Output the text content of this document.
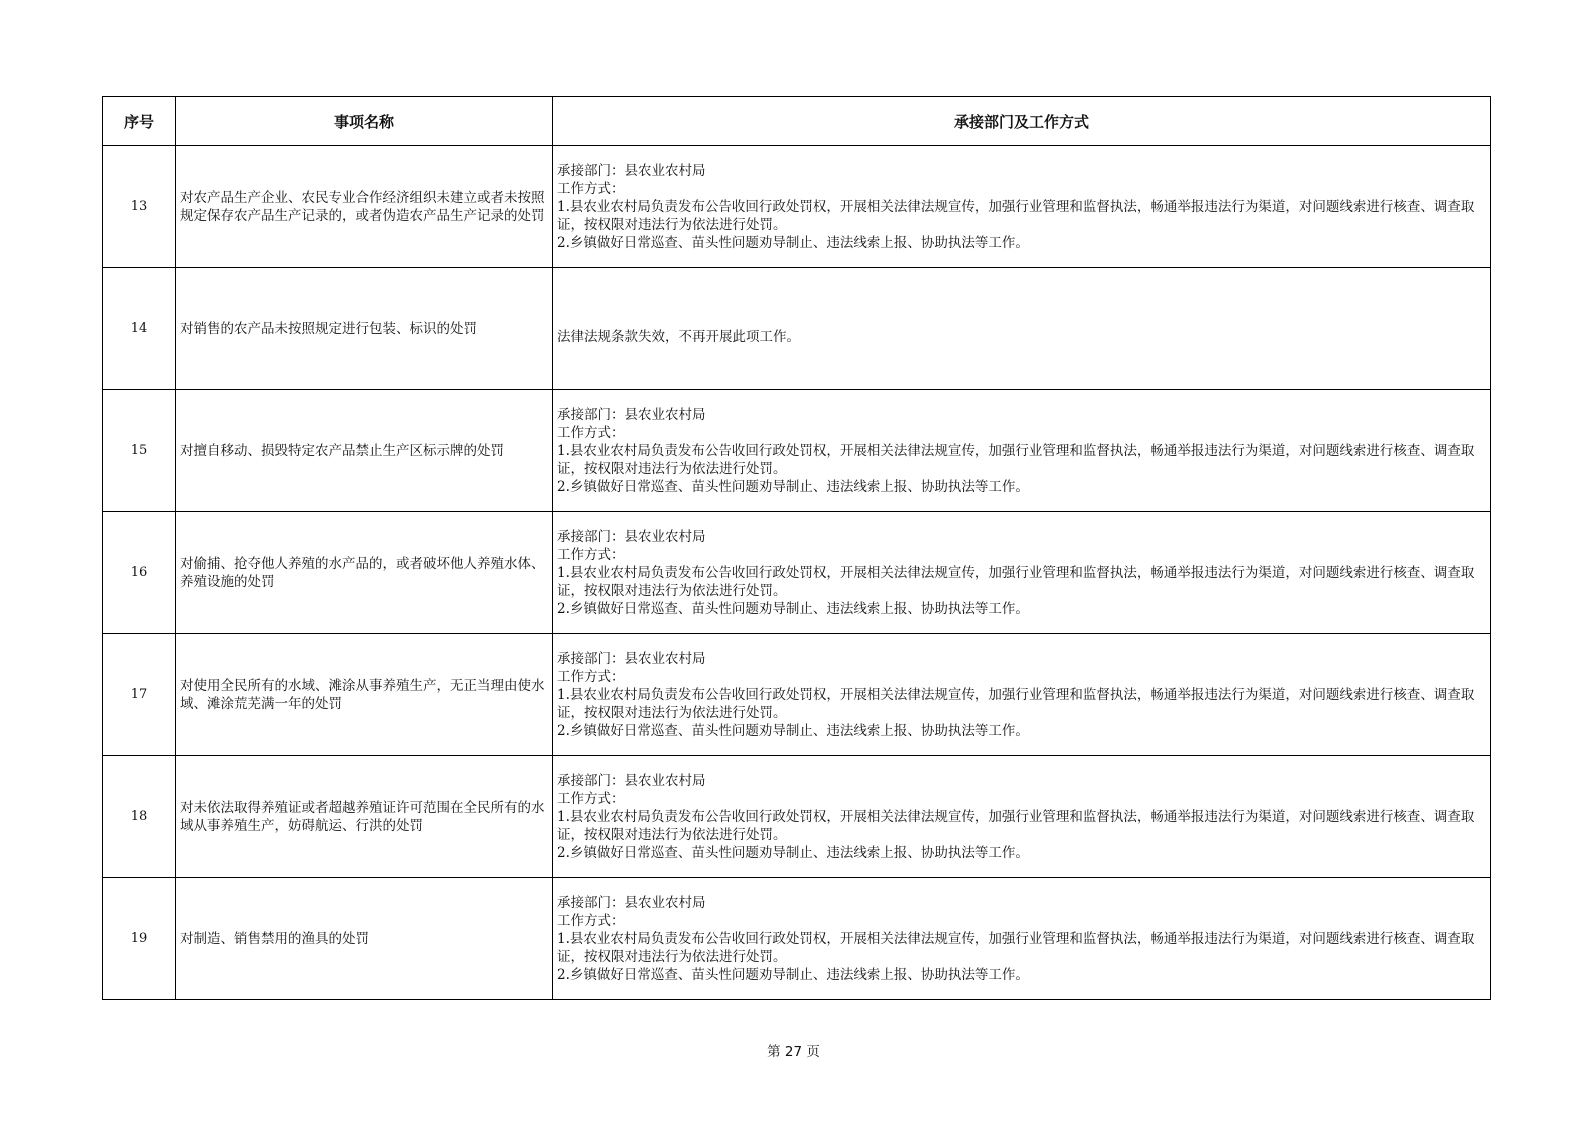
序号	事项名称	承接部门及工作方式
13	对农产品生产企业、农民专业合作经济组织未建立或者未按照规定保存农产品生产记录的，或者伪造农产品生产记录的处罚	承接部门：县农业农村局
工作方式：
1.县农业农村局负责发布公告收回行政处罚权，开展相关法律法规宣传，加强行业管理和监督执法，畅通举报违法行为渠道，对问题线索进行核查、调查取证，按权限对违法行为依法进行处罚。
2.乡镇做好日常巡查、苗头性问题劝导制止、违法线索上报、协助执法等工作。

14	对销售的农产品未按照规定进行包装、标识的处罚	法律法规条款失效，不再开展此项工作。

15	对擅自移动、损毁特定农产品禁止生产区标示牌的处罚	承接部门：县农业农村局
工作方式：
1.县农业农村局负责发布公告收回行政处罚权，开展相关法律法规宣传，加强行业管理和监督执法，畅通举报违法行为渠道，对问题线索进行核查、调查取证，按权限对违法行为依法进行处罚。
2.乡镇做好日常巡查、苗头性问题劝导制止、违法线索上报、协助执法等工作。

16	对偷捕、抢夺他人养殖的水产品的，或者破坏他人养殖水体、养殖设施的处罚	承接部门：县农业农村局
工作方式：
1.县农业农村局负责发布公告收回行政处罚权，开展相关法律法规宣传，加强行业管理和监督执法，畅通举报违法行为渠道，对问题线索进行核查、调查取证，按权限对违法行为依法进行处罚。
2.乡镇做好日常巡查、苗头性问题劝导制止、违法线索上报、协助执法等工作。

17	对使用全民所有的水域、滩涂从事养殖生产，无正当理由使水域、滩涂荒芜满一年的处罚	承接部门：县农业农村局
工作方式：
1.县农业农村局负责发布公告收回行政处罚权，开展相关法律法规宣传，加强行业管理和监督执法，畅通举报违法行为渠道，对问题线索进行核查、调查取证，按权限对违法行为依法进行处罚。
2.乡镇做好日常巡查、苗头性问题劝导制止、违法线索上报、协助执法等工作。

18	对未依法取得养殖证或者超越养殖证许可范围在全民所有的水域从事养殖生产，妨碍航运、行洪的处罚	承接部门：县农业农村局
工作方式：
1.县农业农村局负责发布公告收回行政处罚权，开展相关法律法规宣传，加强行业管理和监督执法，畅通举报违法行为渠道，对问题线索进行核查、调查取证，按权限对违法行为依法进行处罚。
2.乡镇做好日常巡查、苗头性问题劝导制止、违法线索上报、协助执法等工作。

19	对制造、销售禁用的渔具的处罚	承接部门：县农业农村局
工作方式：
1.县农业农村局负责发布公告收回行政处罚权，开展相关法律法规宣传，加强行业管理和监督执法，畅通举报违法行为渠道，对问题线索进行核查、调查取证，按权限对违法行为依法进行处罚。
2.乡镇做好日常巡查、苗头性问题劝导制止、违法线索上报、协助执法等工作。
第 27 页
